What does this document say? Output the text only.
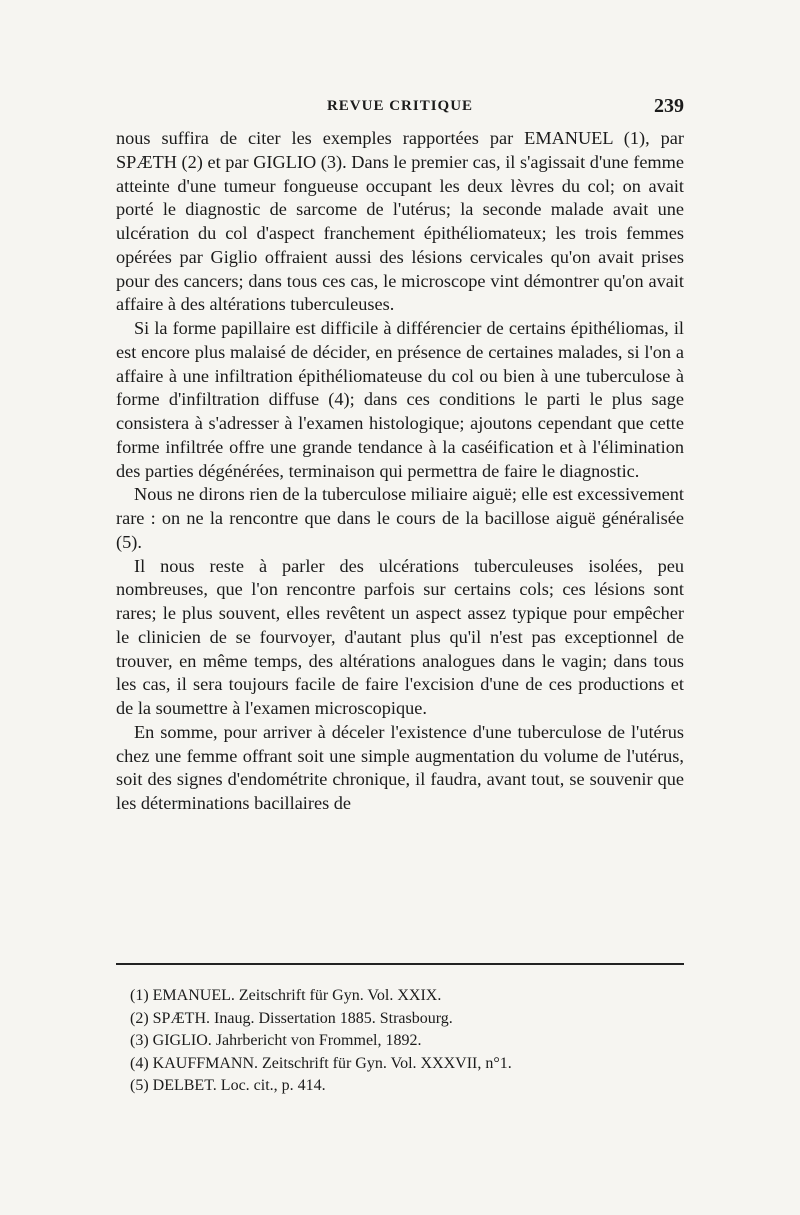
REVUE CRITIQUE	239

nous suffira de citer les exemples rapportées par EMANUEL (1), par SPÆTH (2) et par GIGLIO (3). Dans le premier cas, il s'agissait d'une femme atteinte d'une tumeur fongueuse occupant les deux lèvres du col; on avait porté le diagnostic de sarcome de l'utérus; la seconde malade avait une ulcération du col d'aspect franchement épithéliomateux; les trois femmes opérées par Giglio offraient aussi des lésions cervicales qu'on avait prises pour des cancers; dans tous ces cas, le microscope vint démontrer qu'on avait affaire à des altérations tuberculeuses.

Si la forme papillaire est difficile à différencier de certains épithéliomas, il est encore plus malaisé de décider, en présence de certaines malades, si l'on a affaire à une infiltration épithéliomateuse du col ou bien à une tuberculose à forme d'infiltration diffuse (4); dans ces conditions le parti le plus sage consistera à s'adresser à l'examen histologique; ajoutons cependant que cette forme infiltrée offre une grande tendance à la caséification et à l'élimination des parties dégénérées, terminaison qui permettra de faire le diagnostic.

Nous ne dirons rien de la tuberculose miliaire aiguë; elle est excessivement rare : on ne la rencontre que dans le cours de la bacillose aiguë généralisée (5).

Il nous reste à parler des ulcérations tuberculeuses isolées, peu nombreuses, que l'on rencontre parfois sur certains cols; ces lésions sont rares; le plus souvent, elles revêtent un aspect assez typique pour empêcher le clinicien de se fourvoyer, d'autant plus qu'il n'est pas exceptionnel de trouver, en même temps, des altérations analogues dans le vagin; dans tous les cas, il sera toujours facile de faire l'excision d'une de ces productions et de la soumettre à l'examen microscopique.

En somme, pour arriver à déceler l'existence d'une tuberculose de l'utérus chez une femme offrant soit une simple augmentation du volume de l'utérus, soit des signes d'endométrite chronique, il faudra, avant tout, se souvenir que les déterminations bacillaires de

(1) EMANUEL. Zeitschrift für Gyn. Vol. XXIX.
(2) SPÆTH. Inaug. Dissertation 1885. Strasbourg.
(3) GIGLIO. Jahrbericht von Frommel, 1892.
(4) KAUFFMANN. Zeitschrift für Gyn. Vol. XXXVII, n°1.
(5) DELBET. Loc. cit., p. 414.
